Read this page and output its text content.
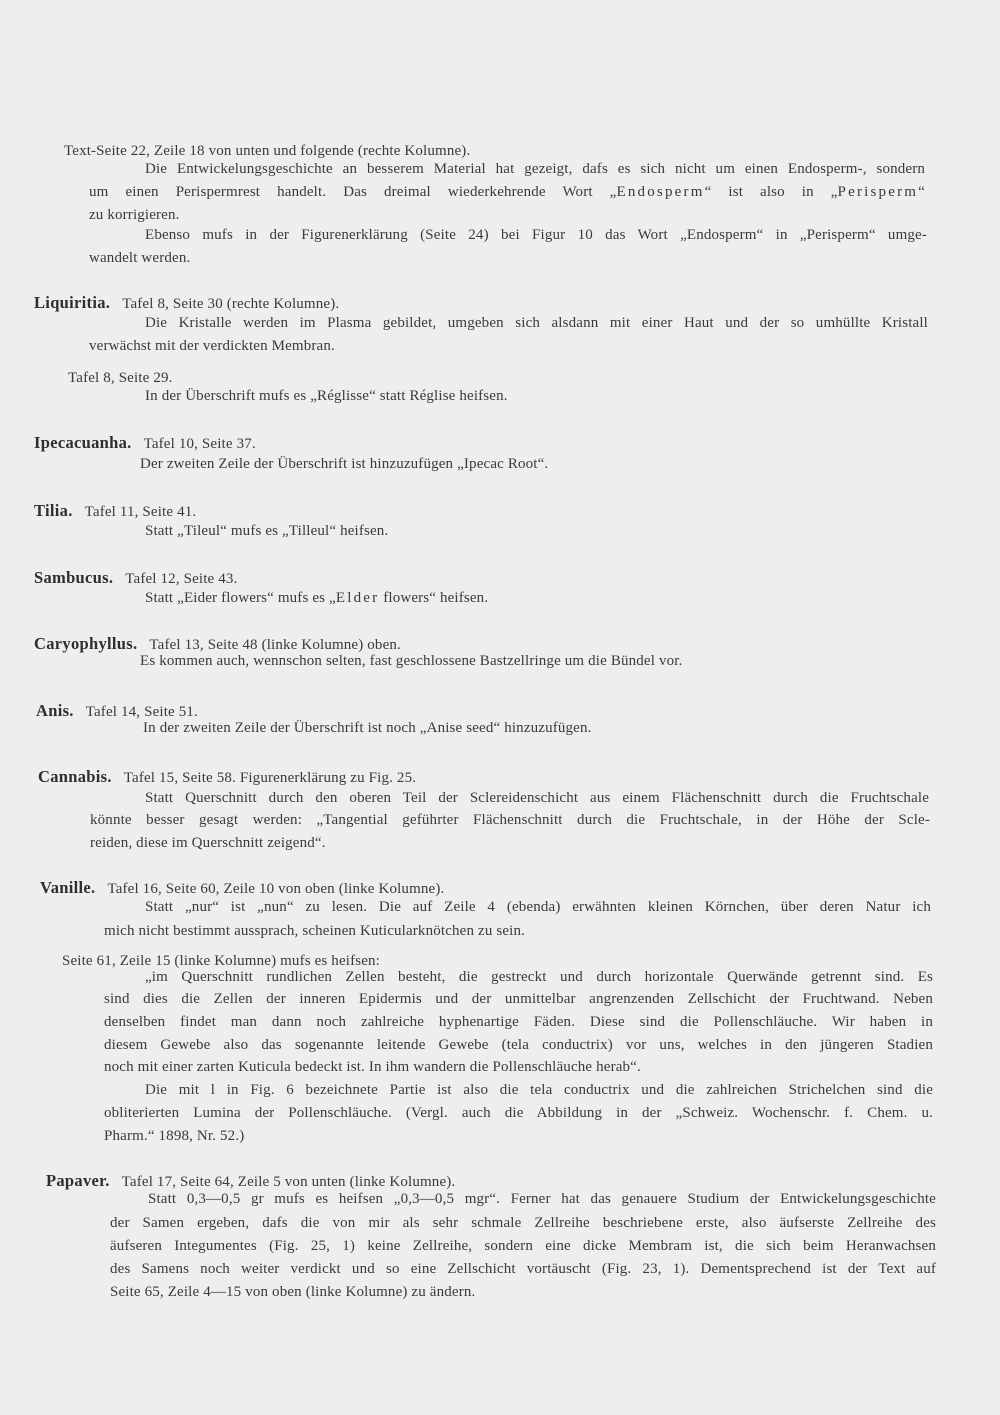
Text-Seite 22, Zeile 18 von unten und folgende (rechte Kolumne).
Die Entwickelungsgeschichte an besserem Material hat gezeigt, dafs es sich nicht um einen Endosperm-, sondern
um einen Perispermrest handelt. Das dreimal wiederkehrende Wort „Endosperm“ ist also in „Perisperm“
zu korrigieren.
Ebenso mufs in der Figurenerklärung (Seite 24) bei Figur 10 das Wort „Endosperm“ in „Perisperm“ umge-
wandelt werden.
Liquiritia. Tafel 8, Seite 30 (rechte Kolumne).
Die Kristalle werden im Plasma gebildet, umgeben sich alsdann mit einer Haut und der so umhüllte Kristall
verwächst mit der verdickten Membran.
Tafel 8, Seite 29.
In der Überschrift mufs es „Réglisse“ statt Réglise heifsen.
Ipecacuanha. Tafel 10, Seite 37.
Der zweiten Zeile der Überschrift ist hinzuzufügen „Ipecac Root“.
Tilia. Tafel 11, Seite 41.
Statt „Tileul“ mufs es „Tilleul“ heifsen.
Sambucus. Tafel 12, Seite 43.
Statt „Eider flowers“ mufs es „Elder flowers“ heifsen.
Caryophyllus. Tafel 13, Seite 48 (linke Kolumne) oben.
Es kommen auch, wennschon selten, fast geschlossene Bastzellringe um die Bündel vor.
Anis. Tafel 14, Seite 51.
In der zweiten Zeile der Überschrift ist noch „Anise seed“ hinzuzufügen.
Cannabis. Tafel 15, Seite 58. Figurenerklärung zu Fig. 25.
Statt Querschnitt durch den oberen Teil der Sclereidenschicht aus einem Flächenschnitt durch die Fruchtschale
könnte besser gesagt werden: „Tangential geführter Flächenschnitt durch die Fruchtschale, in der Höhe der Scle-
reiden, diese im Querschnitt zeigend“.
Vanille. Tafel 16, Seite 60, Zeile 10 von oben (linke Kolumne).
Statt „nur“ ist „nun“ zu lesen. Die auf Zeile 4 (ebenda) erwähnten kleinen Körnchen, über deren Natur ich
mich nicht bestimmt aussprach, scheinen Kuticularknötchen zu sein.
Seite 61, Zeile 15 (linke Kolumne) mufs es heifsen:
„im Querschnitt rundlichen Zellen besteht, die gestreckt und durch horizontale Querwände getrennt sind. Es
sind dies die Zellen der inneren Epidermis und der unmittelbar angrenzenden Zellschicht der Fruchtwand. Neben
denselben findet man dann noch zahlreiche hyphenartige Fäden. Diese sind die Pollenschläuche. Wir haben in
diesem Gewebe also das sogenannte leitende Gewebe (tela conductrix) vor uns, welches in den jüngeren Stadien
noch mit einer zarten Kuticula bedeckt ist. In ihm wandern die Pollenschläuche herab“.
Die mit l in Fig. 6 bezeichnete Partie ist also die tela conductrix und die zahlreichen Strichelchen sind die
obliterierten Lumina der Pollenschläuche. (Vergl. auch die Abbildung in der „Schweiz. Wochenschr. f. Chem. u.
Pharm.“ 1898, Nr. 52.)
Papaver. Tafel 17, Seite 64, Zeile 5 von unten (linke Kolumne).
Statt 0,3—0,5 gr mufs es heifsen „0,3—0,5 mgr“. Ferner hat das genauere Studium der Entwickelungsgeschichte
der Samen ergeben, dafs die von mir als sehr schmale Zellreihe beschriebene erste, also äufserste Zellreihe des
äufseren Integumentes (Fig. 25, 1) keine Zellreihe, sondern eine dicke Membram ist, die sich beim Heranwachsen
des Samens noch weiter verdickt und so eine Zellschicht vortäuscht (Fig. 23, 1). Dementsprechend ist der Text auf
Seite 65, Zeile 4—15 von oben (linke Kolumne) zu ändern.
